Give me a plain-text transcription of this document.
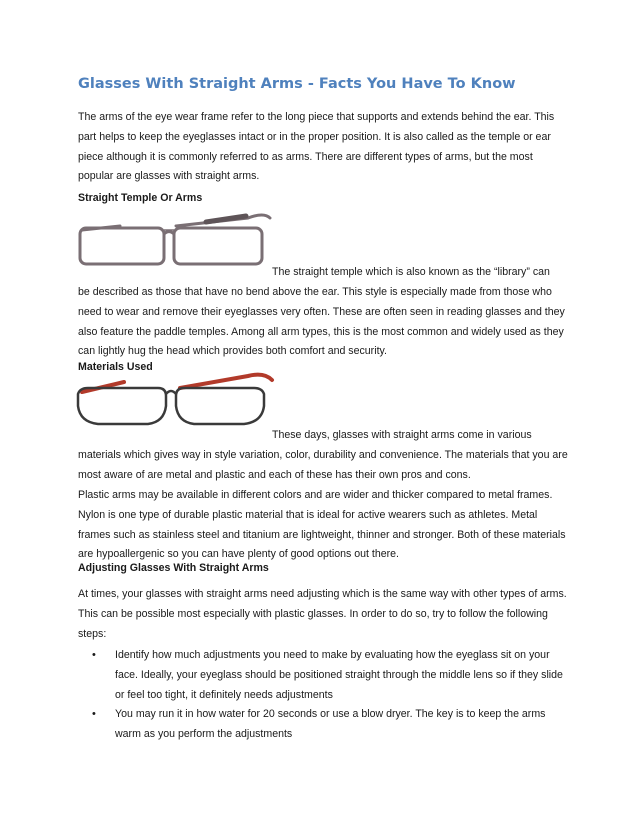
Glasses With Straight Arms - Facts You Have To Know

The arms of the eye wear frame refer to the long piece that supports and extends behind the ear. This part helps to keep the eyeglasses intact or in the proper position. It is also called as the temple or ear piece although it is commonly referred to as arms. There are different types of arms, but the most popular are glasses with straight arms.

Straight Temple Or Arms

The straight temple which is also known as the “library” can

be described as those that have no bend above the ear. This style is especially made from those who need to wear and remove their eyeglasses very often. These are often seen in reading glasses and they also feature the paddle temples. Among all arm types, this is the most common and widely used as they can lightly hug the head which provides both comfort and security.

Materials Used

These days, glasses with straight arms come in various

materials which gives way in style variation, color, durability and convenience. The materials that you are most aware of are metal and plastic and each of these has their own pros and cons.

Plastic arms may be available in different colors and are wider and thicker compared to metal frames. Nylon is one type of durable plastic material that is ideal for active wearers such as athletes. Metal frames such as stainless steel and titanium are lightweight, thinner and stronger. Both of these materials are hypoallergenic so you can have plenty of good options out there.

Adjusting Glasses With Straight Arms

At times, your glasses with straight arms need adjusting which is the same way with other types of arms. This can be possible most especially with plastic glasses. In order to do so, try to follow the following steps:

• Identify how much adjustments you need to make by evaluating how the eyeglass sit on your face. Ideally, your eyeglass should be positioned straight through the middle lens so if they slide or feel too tight, it definitely needs adjustments
• You may run it in how water for 20 seconds or use a blow dryer. The key is to keep the arms warm as you perform the adjustments
